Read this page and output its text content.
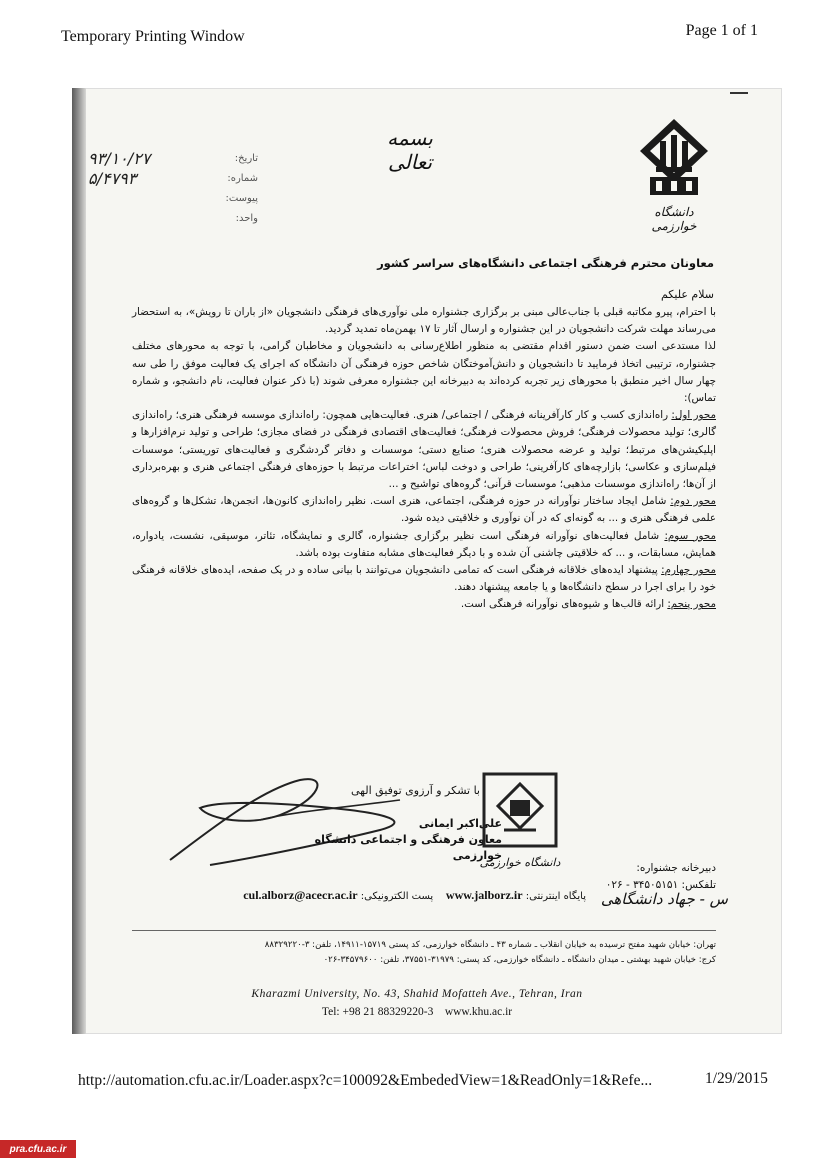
Temporary Printing Window	Page 1 of 1
دانشگاه خوارزمی
بسمه تعالی
تاریخ:
۹۳/۱۰/۲۷
شماره:
۵/۴۷۹۳
پیوست:
واحد:
معاونان محترم فرهنگی اجتماعی دانشگاه‌های سراسر کشور
سلام علیکم

با احترام، پیرو مکاتبه قبلی با جناب‌عالی مبنی بر برگزاری جشنواره ملی نوآوری‌های فرهنگی دانشجویان «از باران تا رویش»، به استحضار می‌رساند مهلت شرکت دانشجویان در این جشنواره و ارسال آثار تا ۱۷ بهمن‌ماه تمدید گردید.

لذا مستدعی است ضمن دستور اقدام مقتضی به منظور اطلاع‌رسانی به دانشجویان و مخاطبان گرامی، با توجه به محورهای مختلف جشنواره، ترتیبی اتخاذ فرمایید تا دانشجویان و دانش‌آموختگان شاخص حوزه فرهنگی آن دانشگاه که اجرای یک فعالیت موفق را طی سه چهار سال اخیر منطبق با محورهای زیر تجربه کرده‌اند به دبیرخانه این جشنواره معرفی شوند (با ذکر عنوان فعالیت، نام دانشجو، و شماره تماس):

محور اول: راه‌اندازی کسب و کار کارآفرینانه فرهنگی / اجتماعی/ هنری. فعالیت‌هایی همچون: راه‌اندازی موسسه فرهنگی هنری؛ راه‌اندازی گالری؛ تولید محصولات فرهنگی؛ فروش محصولات فرهنگی؛ فعالیت‌های اقتصادی فرهنگی در فضای مجازی؛ طراحی و تولید نرم‌افزارها و اپلیکیشن‌های مرتبط؛ تولید و عرضه محصولات هنری؛ صنایع دستی؛ موسسات و دفاتر گردشگری و فعالیت‌های توریستی؛ موسسات فیلم‌سازی و عکاسی؛ بازارچه‌های کارآفرینی؛ طراحی و دوخت لباس؛ اختراعات مرتبط با حوزه‌های فرهنگی اجتماعی هنری و بهره‌برداری از آن‌ها؛ راه‌اندازی موسسات مذهبی؛ موسسات قرآنی؛ گروه‌های تواشیح و ...

محور دوم: شامل ایجاد ساختار نوآورانه در حوزه فرهنگی، اجتماعی، هنری است. نظیر راه‌اندازی کانون‌ها، انجمن‌ها، تشکل‌ها و گروه‌های علمی فرهنگی هنری و ... به گونه‌ای که در آن نوآوری و خلاقیتی دیده شود.

محور سوم: شامل فعالیت‌های نوآورانه فرهنگی است نظیر برگزاری جشنواره، گالری و نمایشگاه، تئاتر، موسیقی، نشست، یادواره، همایش، مسابقات، و ... که خلاقیتی چاشنی آن شده و با دیگر فعالیت‌های مشابه متفاوت بوده باشد.

محور چهارم: پیشنهاد ایده‌های خلاقانه فرهنگی است که تمامی دانشجویان می‌توانند با بیانی ساده و در یک صفحه، ایده‌های خلاقانه فرهنگی خود را برای اجرا در سطح دانشگاه‌ها و یا جامعه پیشنهاد دهند.

محور پنجم: ارائه قالب‌ها و شیوه‌های نوآورانه فرهنگی است.

با تشکر و آرزوی توفیق الهی
علی‌اکبر ایمانی
معاون فرهنگی و اجتماعی دانشگاه خوارزمی
دانشگاه خوارزمی	دبیرخانه جشنواره:
تلفکس: ۳۴۵۰۵۱۵۱ - ۰۲۶
پایگاه اینترنتی: www.jalborz.ir    پست الکترونیکی: cul.alborz@acecr.ac.ir	س - جهاد دانشگاهی
تهران: خیابان شهید مفتح ترسیده به خیابان انقلاب ـ شماره ۴۳ ـ دانشگاه خوارزمی، کد پستی ۱۵۷۱۹-۱۴۹۱۱، تلفن: ۳-۸۸۳۲۹۲۲۰
کرج: خیابان شهید بهشتی ـ میدان دانشگاه ـ دانشگاه خوارزمی، کد پستی: ۳۱۹۷۹-۳۷۵۵۱، تلفن: ۳۴۵۷۹۶۰۰-۰۲۶
Kharazmi University, No. 43, Shahid Mofatteh Ave., Tehran, Iran
Tel: +98 21 88329220-3 www.khu.ac.ir
http://automation.cfu.ac.ir/Loader.aspx?c=100092&EmbededView=1&ReadOnly=1&Refe...	1/29/2015
pra.cfu.ac.ir
